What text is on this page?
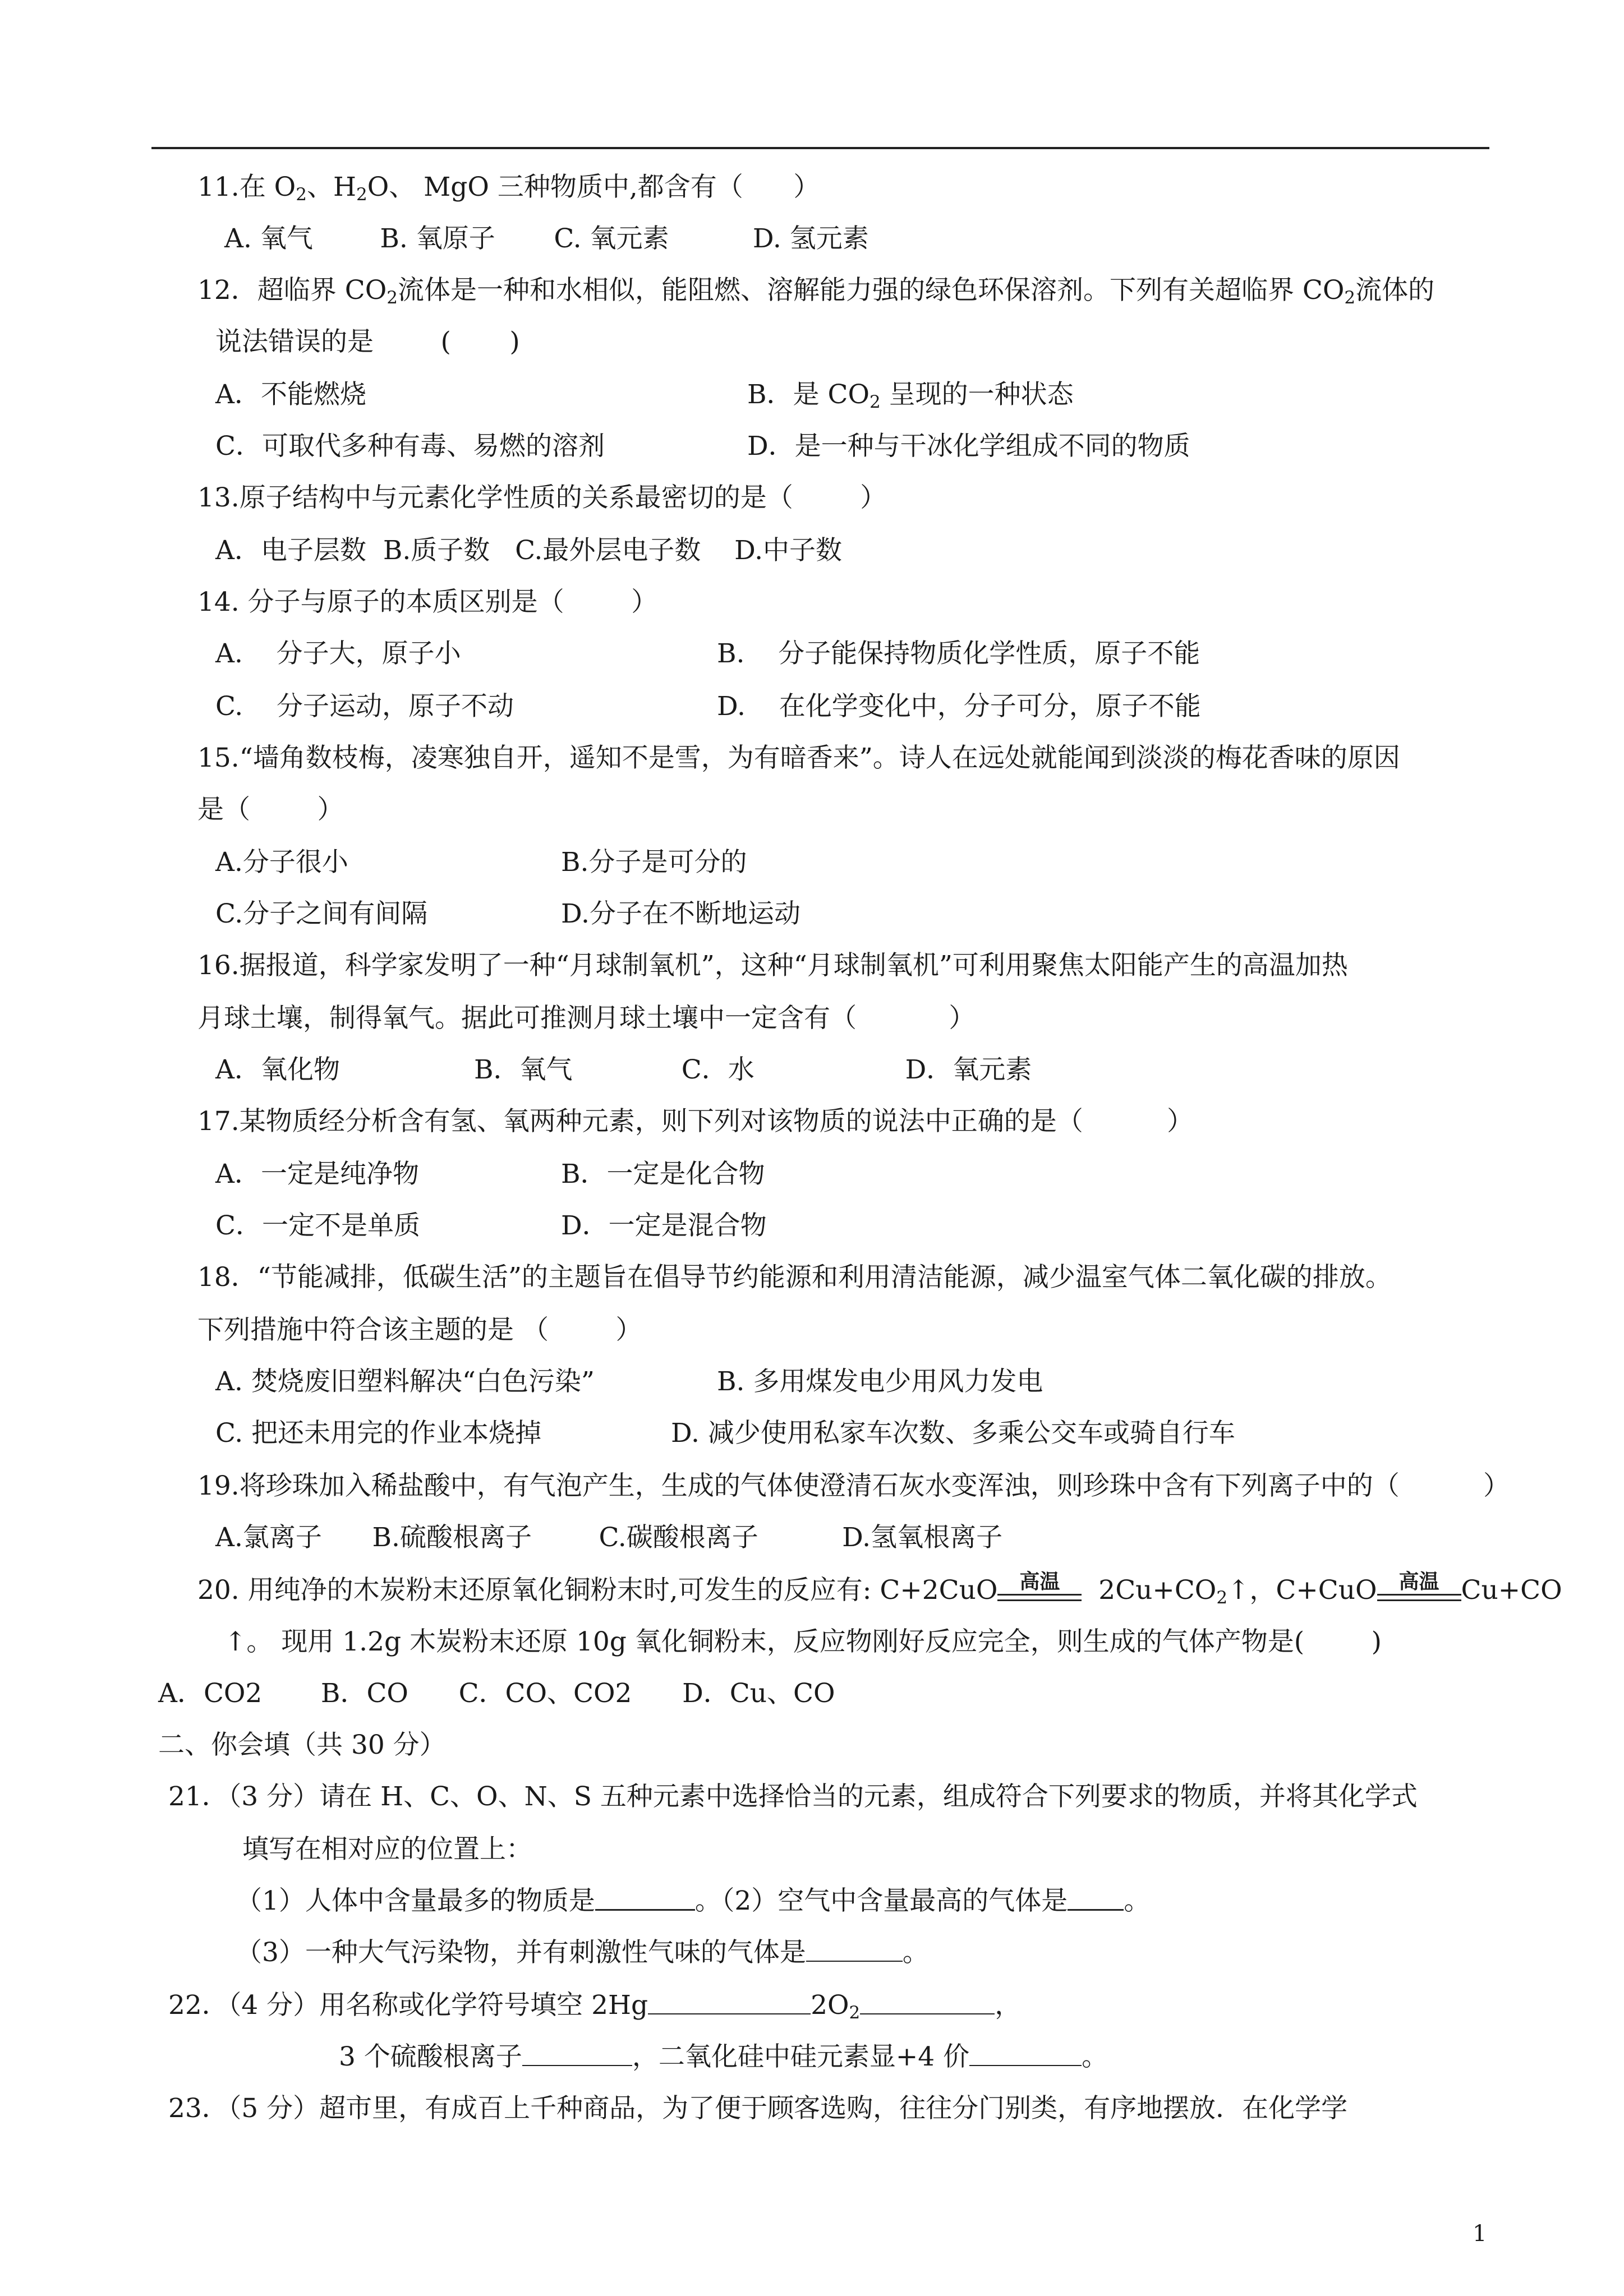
11.在 $O_2$、$H_2O$、 MgO 三种物质中,都含有（      ）
A. 氧气        B. 氧原子       C. 氧元素          D. 氢元素
12．超临界 $CO_2$流体是一种和水相似，能阻燃、溶解能力强的绿色环保溶剂。下列有关超临界 $CO_2$流体的
说法错误的是        (       )
A．不能燃烧	B．是 $CO_2$ 呈现的一种状态
C．可取代多种有毒、易燃的溶剂	D．是一种与干冰化学组成不同的物质
13.原子结构中与元素化学性质的关系最密切的是（        ）
A．电子层数  B.质子数   C.最外层电子数    D.中子数
14. 分子与原子的本质区别是（        ）
A.    分子大，原子小	B.    分子能保持物质化学性质，原子不能
C.    分子运动，原子不动	D.    在化学变化中，分子可分，原子不能
15.“墙角数枝梅，凌寒独自开，遥知不是雪，为有暗香来”。诗人在远处就能闻到淡淡的梅花香味的原因
是（        ）
A.分子很小	B.分子是可分的
C.分子之间有间隔	D.分子在不断地运动
16.据报道，科学家发明了一种“月球制氧机”，这种“月球制氧机”可利用聚焦太阳能产生的高温加热
月球土壤，制得氧气。据此可推测月球土壤中一定含有（           ）
A．氧化物                B．氧气             C．水                  D．氧元素
17.某物质经分析含有氢、氧两种元素，则下列对该物质的说法中正确的是（          ）
A．一定是纯净物	B．一定是化合物
C．一定不是单质	D．一定是混合物
18．“节能减排，低碳生活”的主题旨在倡导节约能源和利用清洁能源，减少温室气体二氧化碳的排放。
下列措施中符合该主题的是 （        ）
A. 焚烧废旧塑料解决“白色污染”	B. 多用煤发电少用风力发电
C. 把还未用完的作业本烧掉	D. 减少使用私家车次数、多乘公交车或骑自行车
19.将珍珠加入稀盐酸中，有气泡产生，生成的气体使澄清石灰水变浑浊，则珍珠中含有下列离子中的（          ）
A.氯离子      B.硫酸根离子        C.碳酸根离子          D.氢氧根离子
20. 用纯净的木炭粉末还原氧化铜粉末时,可发生的反应有: C+2CuO	高温 $2Cu+CO_2↑$，C+CuO	高温 Cu+CO
↑。 现用 1.2g 木炭粉末还原 10g 氧化铜粉末，反应物刚好反应完全，则生成的气体产物是(        )
A．CO2       B．CO      C．CO、CO2      D．Cu、CO
二、你会填（共 30 分）
21．（3 分）请在 H、C、O、N、S 五种元素中选择恰当的元素，组成符合下列要求的物质，并将其化学式
填写在相对应的位置上：
（1）人体中含量最多的物质是	。（2）空气中含量最高的气体是 。
（3）一种大气污染物，并有刺激性气味的气体是	。
22．（4 分）用名称或化学符号填空 2Hg	$2O_2$	，
3 个硫酸根离子	，二氧化硅中硅元素显+4 价	。
23．（5 分）超市里，有成百上千种商品，为了便于顾客选购，往往分门别类，有序地摆放．在化学学
1
